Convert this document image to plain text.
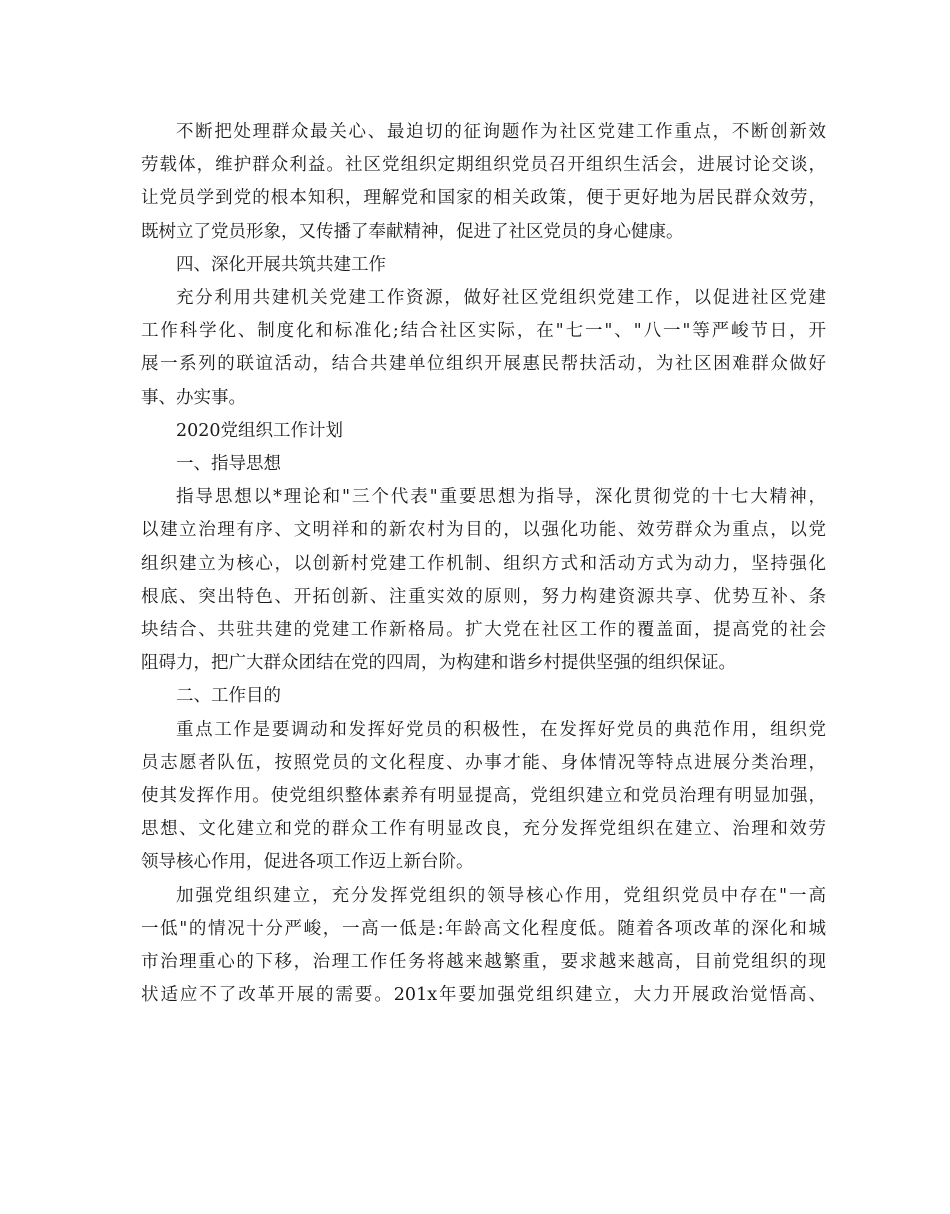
不断把处理群众最关心、最迫切的征询题作为社区党建工作重点，不断创新效
劳载体，维护群众利益。社区党组织定期组织党员召开组织生活会，进展讨论交谈，
让党员学到党的根本知积，理解党和国家的相关政策，便于更好地为居民群众效劳，
既树立了党员形象，又传播了奉献精神，促进了社区党员的身心健康。
四、深化开展共筑共建工作
充分利用共建机关党建工作资源，做好社区党组织党建工作，以促进社区党建
工作科学化、制度化和标准化;结合社区实际，在"七一"、"八一"等严峻节日，开
展一系列的联谊活动，结合共建单位组织开展惠民帮扶活动，为社区困难群众做好
事、办实事。
2020党组织工作计划
一、指导思想
指导思想以*理论和"三个代表"重要思想为指导，深化贯彻党的十七大精神，
以建立治理有序、文明祥和的新农村为目的，以强化功能、效劳群众为重点，以党
组织建立为核心，以创新村党建工作机制、组织方式和活动方式为动力，坚持强化
根底、突出特色、开拓创新、注重实效的原则，努力构建资源共享、优势互补、条
块结合、共驻共建的党建工作新格局。扩大党在社区工作的覆盖面，提高党的社会
阻碍力，把广大群众团结在党的四周，为构建和谐乡村提供坚强的组织保证。
二、工作目的
重点工作是要调动和发挥好党员的积极性，在发挥好党员的典范作用，组织党
员志愿者队伍，按照党员的文化程度、办事才能、身体情况等特点进展分类治理，
使其发挥作用。使党组织整体素养有明显提高，党组织建立和党员治理有明显加强，
思想、文化建立和党的群众工作有明显改良，充分发挥党组织在建立、治理和效劳
领导核心作用，促进各项工作迈上新台阶。
加强党组织建立，充分发挥党组织的领导核心作用，党组织党员中存在"一高
一低"的情况十分严峻，一高一低是:年龄高文化程度低。随着各项改革的深化和城
市治理重心的下移，治理工作任务将越来越繁重，要求越来越高，目前党组织的现
状适应不了改革开展的需要。201x年要加强党组织建立，大力开展政治觉悟高、
